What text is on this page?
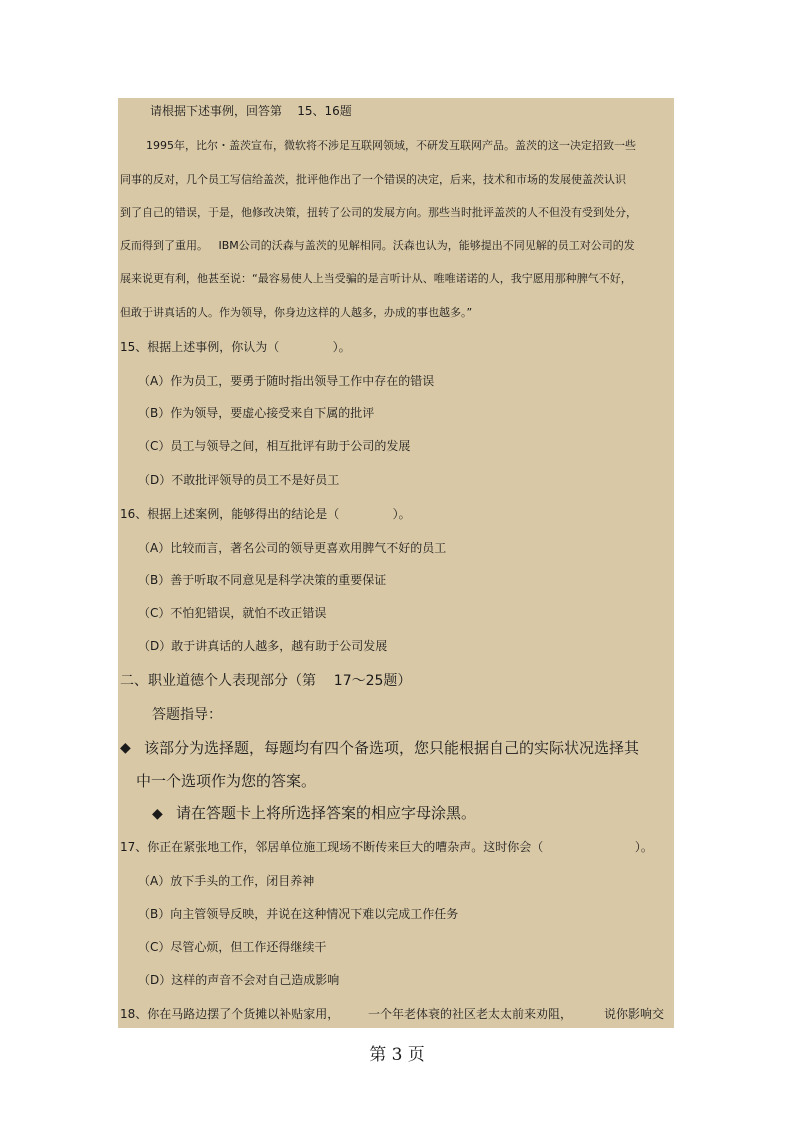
请根据下述事例，回答第    15、16题
1995年，比尔・盖茨宣布，微软将不涉足互联网领域，不研发互联网产品。盖茨的这一决定招致一些
同事的反对，几个员工写信给盖茨，批评他作出了一个错误的决定，后来，技术和市场的发展使盖茨认识
到了自己的错误，于是，他修改决策，扭转了公司的发展方向。那些当时批评盖茨的人不但没有受到处分，
反而得到了重用。   IBM公司的沃森与盖茨的见解相同。沃森也认为，能够提出不同见解的员工对公司的发
展来说更有利，他甚至说：“最容易使人上当受骗的是言听计从、唯唯诺诺的人，我宁愿用那种脾气不好，
但敢于讲真话的人。作为领导，你身边这样的人越多，办成的事也越多。”
15、根据上述事例，你认为（              ）。
（A）作为员工，要勇于随时指出领导工作中存在的错误
（B）作为领导，要虚心接受来自下属的批评
（C）员工与领导之间，相互批评有助于公司的发展
（D）不敢批评领导的员工不是好员工
16、根据上述案例，能够得出的结论是（              ）。
（A）比较而言，著名公司的领导更喜欢用脾气不好的员工
（B）善于听取不同意见是科学决策的重要保证
（C）不怕犯错误，就怕不改正错误
（D）敢于讲真话的人越多，越有助于公司发展
二、职业道德个人表现部分（第    17～25题）
答题指导：
◆ 该部分为选择题，每题均有四个备选项，您只能根据自己的实际状况选择其
中一个选项作为您的答案。
◆ 请在答题卡上将所选择答案的相应字母涂黑。
17、你正在紧张地工作，邻居单位施工现场不断传来巨大的嘈杂声。这时你会（                        ）。
（A）放下手头的工作，闭目养神
（B）向主管领导反映，并说在这种情况下难以完成工作任务
（C）尽管心烦，但工作还得继续干
（D）这样的声音不会对自己造成影响
18、你在马路边摆了个货摊以补贴家用， 一个年老体衰的社区老太太前来劝阻，	说你影响交
第 3 页
